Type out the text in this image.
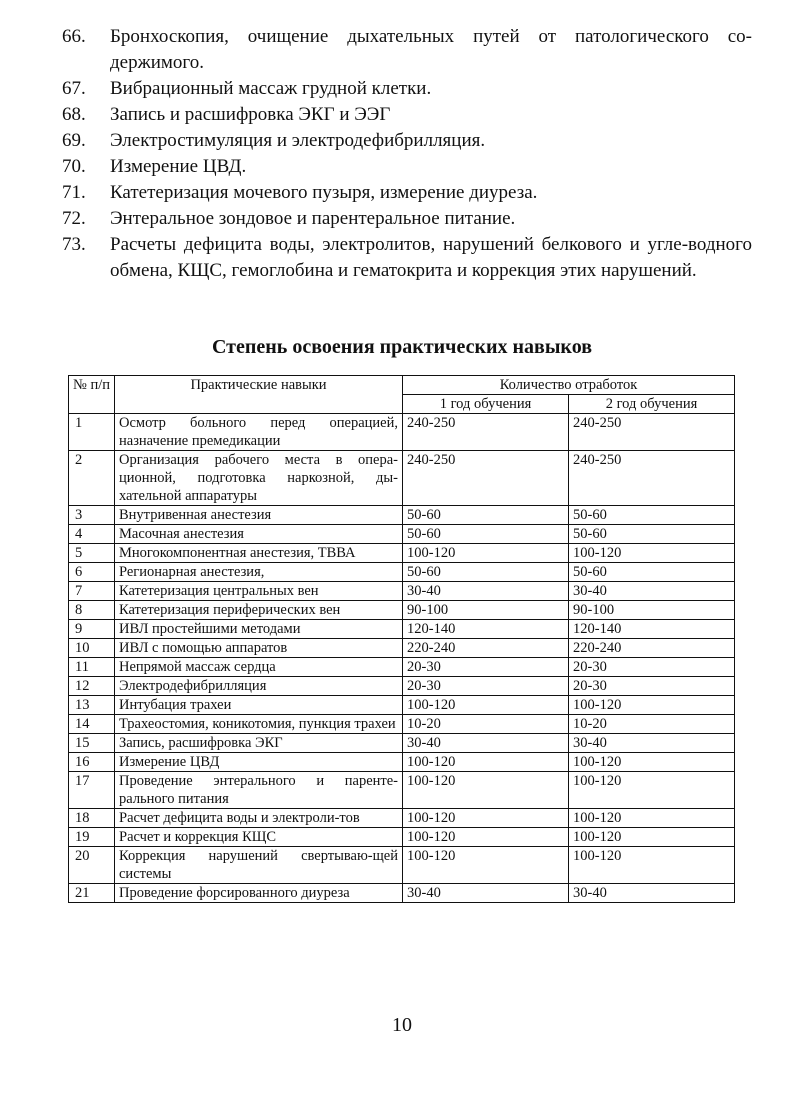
66.	Бронхоскопия, очищение дыхательных путей от патологического со-держимого.
67.	Вибрационный массаж грудной клетки.
68.	Запись и расшифровка ЭКГ и ЭЭГ
69.	Электростимуляция и электродефибрилляция.
70.	Измерение ЦВД.
71.	Катетеризация мочевого пузыря, измерение диуреза.
72.	Энтеральное зондовое и парентеральное питание.
73.	Расчеты дефицита воды, электролитов, нарушений белкового и угле-водного обмена, КЩС, гемоглобина и гематокрита и коррекция этих нарушений.
Степень освоения практических навыков
№ п/п	Практические навыки	Количество отработок	
		1 год обучения	2 год обучения
1	Осмотр больного перед операцией, назначение премедикации	240-250	240-250
2	Организация рабочего места в опера-ционной, подготовка наркозной, ды-хательной аппаратуры	240-250	240-250
3	Внутривенная анестезия	50-60	50-60
4	Масочная анестезия	50-60	50-60
5	Многокомпонентная анестезия, ТВВА	100-120	100-120
6	Регионарная анестезия,	50-60	50-60
7	Катетеризация центральных вен	30-40	30-40
8	Катетеризация периферических вен	90-100	90-100
9	ИВЛ простейшими методами	120-140	120-140
10	ИВЛ с помощью аппаратов	220-240	220-240
11	Непрямой массаж сердца	20-30	20-30
12	Электродефибрилляция	20-30	20-30
13	Интубация трахеи	100-120	100-120
14	Трахеостомия, коникотомия, пункция трахеи	10-20	10-20
15	Запись, расшифровка ЭКГ	30-40	30-40
16	Измерение ЦВД	100-120	100-120
17	Проведение энтерального и паренте-рального питания	100-120	100-120
18	Расчет дефицита воды и электроли-тов	100-120	100-120
19	Расчет и коррекция КЩС	100-120	100-120
20	Коррекция нарушений свертываю-щей системы	100-120	100-120
21	Проведение форсированного диуреза	30-40	30-40
10
